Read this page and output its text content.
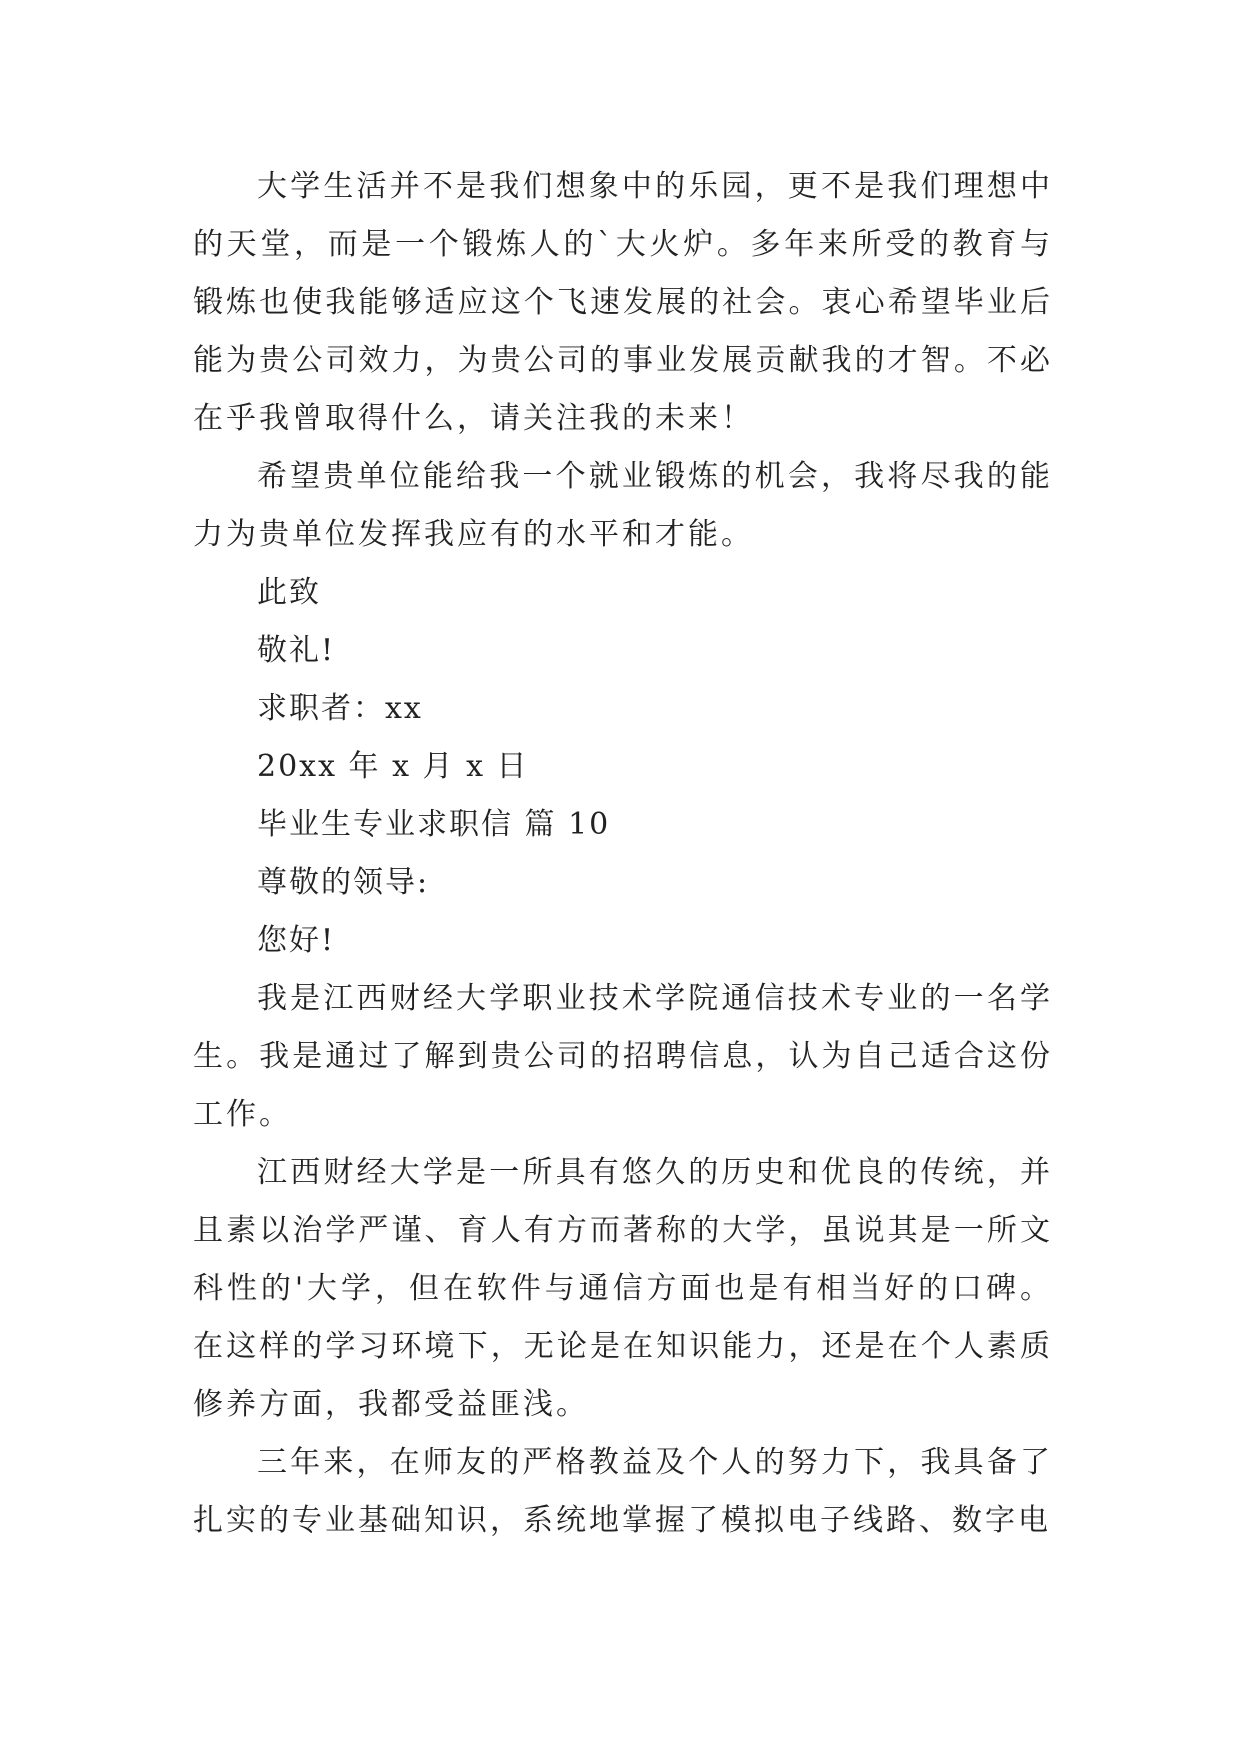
大学生活并不是我们想象中的乐园，更不是我们理想中的天堂，而是一个锻炼人的`大火炉。多年来所受的教育与锻炼也使我能够适应这个飞速发展的社会。衷心希望毕业后能为贵公司效力，为贵公司的事业发展贡献我的才智。不必在乎我曾取得什么，请关注我的未来！

希望贵单位能给我一个就业锻炼的机会，我将尽我的能力为贵单位发挥我应有的水平和才能。

此致

敬礼!

求职者：xx

20xx 年 x 月 x 日

毕业生专业求职信 篇 10

尊敬的领导:

您好!

我是江西财经大学职业技术学院通信技术专业的一名学生。我是通过了解到贵公司的招聘信息，认为自己适合这份工作。

江西财经大学是一所具有悠久的历史和优良的传统，并且素以治学严谨、育人有方而著称的大学，虽说其是一所文科性的'大学，但在软件与通信方面也是有相当好的口碑。在这样的学习环境下，无论是在知识能力，还是在个人素质修养方面，我都受益匪浅。

三年来，在师友的严格教益及个人的努力下，我具备了扎实的专业基础知识，系统地掌握了模拟电子线路、数字电
